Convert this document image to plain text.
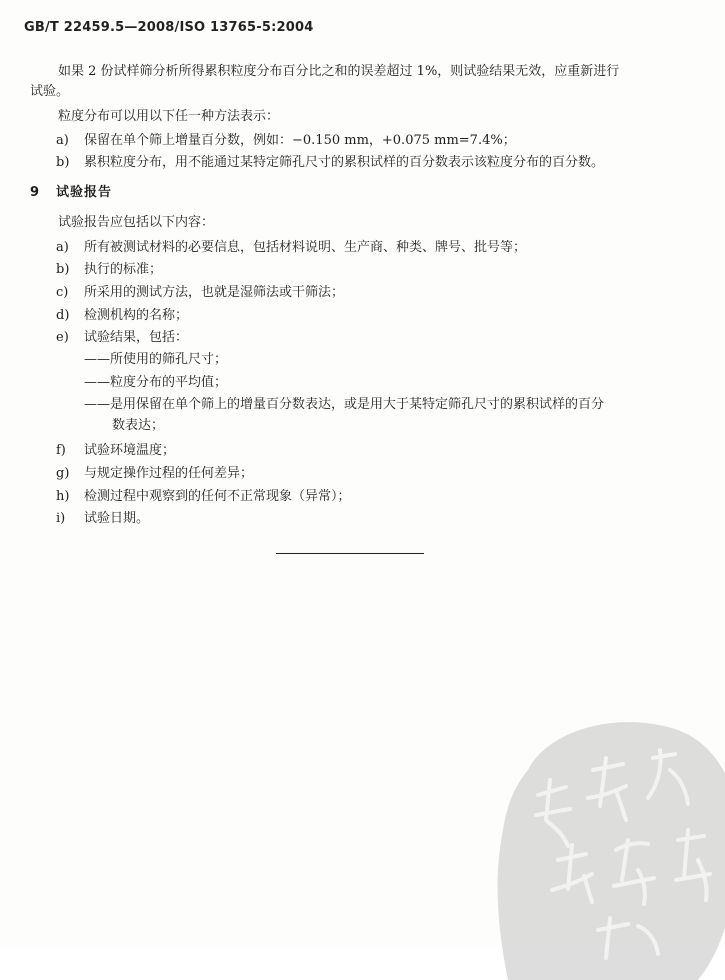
GB/T 22459.5—2008/ISO 13765-5:2004
如果 2 份试样筛分析所得累积粒度分布百分比之和的误差超过 1%，则试验结果无效，应重新进行
试验。
粒度分布可以用以下任一种方法表示：
a) 保留在单个筛上增量百分数，例如：−0.150 mm，+0.075 mm=7.4%；
b) 累积粒度分布，用不能通过某特定筛孔尺寸的累积试样的百分数表示该粒度分布的百分数。
9 试验报告
试验报告应包括以下内容：
a) 所有被测试材料的必要信息，包括材料说明、生产商、种类、牌号、批号等；
b) 执行的标准；
c) 所采用的测试方法，也就是湿筛法或干筛法；
d) 检测机构的名称；
e) 试验结果，包括：
——所使用的筛孔尺寸；
——粒度分布的平均值；
——是用保留在单个筛上的增量百分数表达，或是用大于某特定筛孔尺寸的累积试样的百分
数表达；
f) 试验环境温度；
g) 与规定操作过程的任何差异；
h) 检测过程中观察到的任何不正常现象（异常）；
i) 试验日期。
